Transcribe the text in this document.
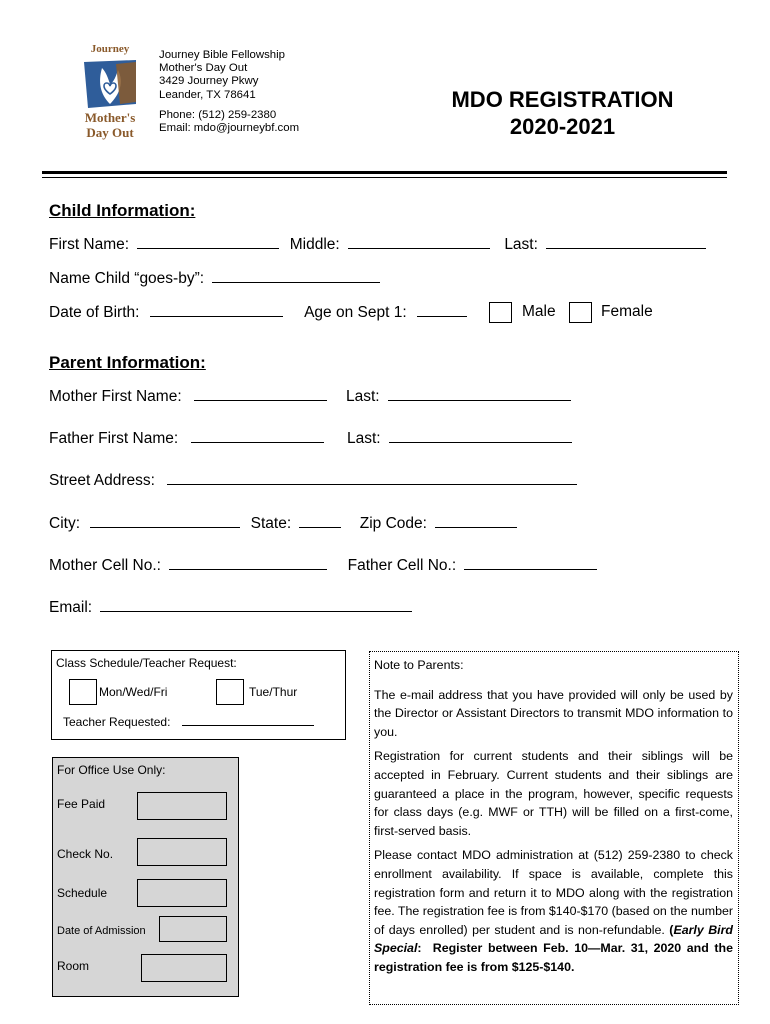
Journey
Mother's
Day Out
Journey Bible Fellowship
Mother's Day Out
3429 Journey Pkwy
Leander, TX 78641
Phone: (512) 259-2380
Email: mdo@journeybf.com
MDO REGISTRATION
2020-2021
Child Information:
First Name:	Middle:	Last:
Name Child “goes-by”:
Date of Birth:	Age on Sept 1:	Male	Female
Parent Information:
Mother First Name:	Last:
Father First Name:	Last:
Street Address:
City:	State:	Zip Code:
Mother Cell No.:	Father Cell No.:
Email:
Class Schedule/Teacher Request:
Mon/Wed/Fri	Tue/Thur
Teacher Requested:
For Office Use Only:
Fee Paid
Check No.
Schedule
Date of Admission
Room

Note to Parents:

The e-mail address that you have provided will only be used by the Director or Assistant Directors to transmit MDO information to you.

Registration for current students and their siblings will be accepted in February. Current students and their siblings are guaranteed a place in the program, however, specific requests for class days (e.g. MWF or TTH) will be filled on a first-come, first-served basis.

Please contact MDO administration at (512) 259-2380 to check enrollment availability. If space is available, complete this registration form and return it to MDO along with the registration fee. The registration fee is from $140-$170 (based on the number of days enrolled) per student and is non-refundable. (Early Bird Special: Register between Feb. 10—Mar. 31, 2020 and the registration fee is from $125-$140.
